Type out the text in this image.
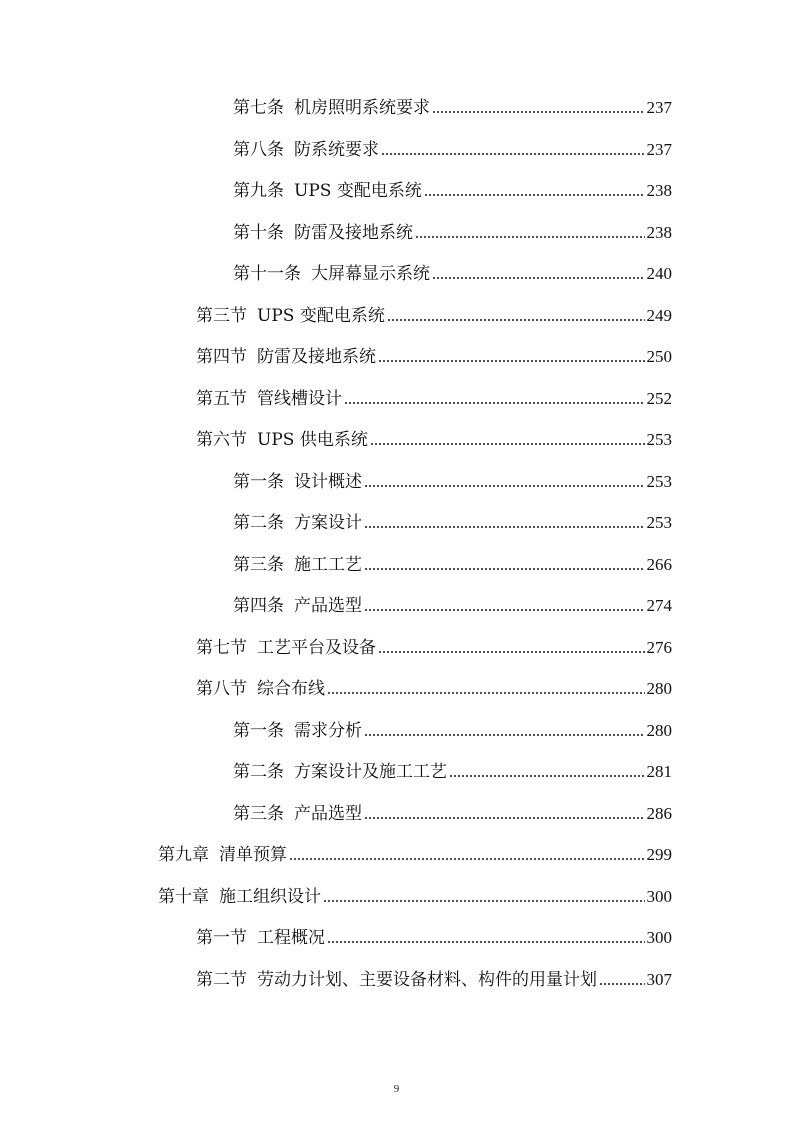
第七条 机房照明系统要求	237
第八条 防系统要求	237
第九条 UPS 变配电系统	238
第十条 防雷及接地系统	238
第十一条 大屏幕显示系统	240
第三节 UPS 变配电系统	249
第四节 防雷及接地系统	250
第五节 管线槽设计	252
第六节 UPS 供电系统	253
第一条 设计概述	253
第二条 方案设计	253
第三条 施工工艺	266
第四条 产品选型	274
第七节 工艺平台及设备	276
第八节 综合布线	280
第一条 需求分析	280
第二条 方案设计及施工工艺	281
第三条 产品选型	286
第九章 清单预算	299
第十章 施工组织设计	300
第一节 工程概况	300
第二节 劳动力计划、主要设备材料、构件的用量计划	307
9
